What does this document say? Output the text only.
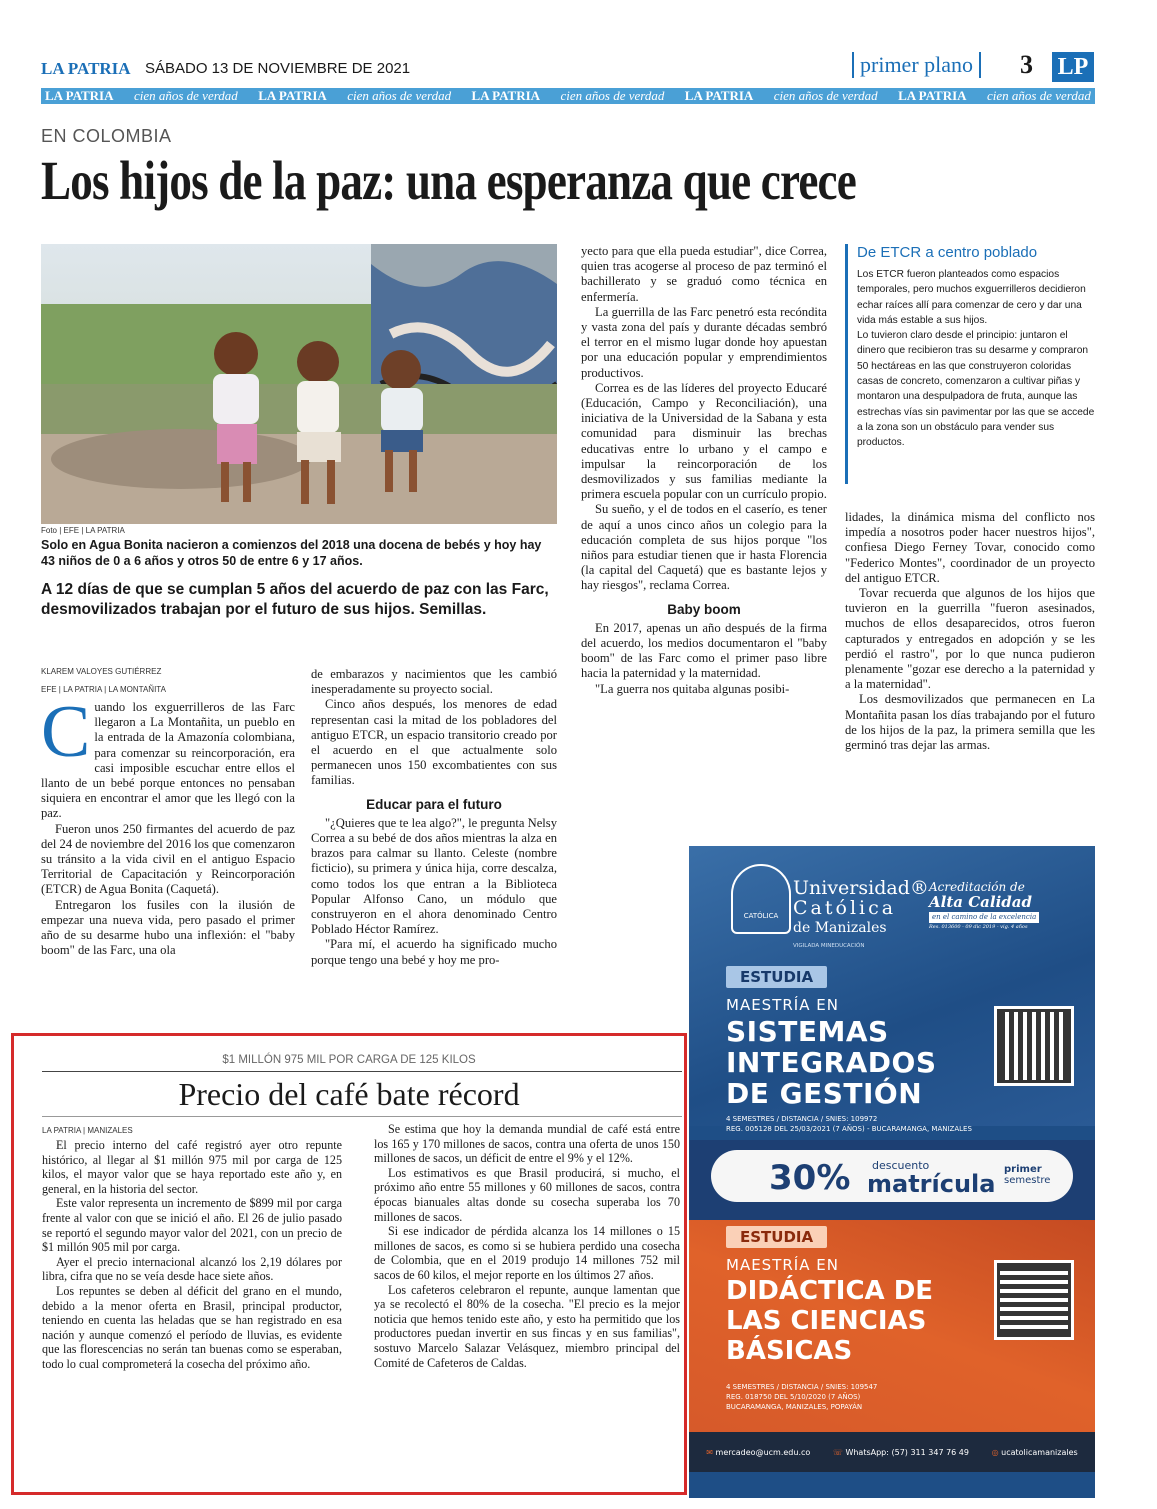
LA PATRIA SÁBADO 13 DE NOVIEMBRE DE 2021	primer plano	3 LP
LA PATRIA cien años de verdad LA PATRIA cien años de verdad LA PATRIA cien años de verdad LA PATRIA cien años de verdad LA PATRIA cien años de verdad
EN COLOMBIA
Los hijos de la paz: una esperanza que crece
Foto | EFE | LA PATRIA
Solo en Agua Bonita nacieron a comienzos del 2018 una docena de bebés y hoy hay 43 niños de 0 a 6 años y otros 50 de entre 6 y 17 años.
A 12 días de que se cumplan 5 años del acuerdo de paz con las Farc, desmovilizados trabajan por el futuro de sus hijos. Semillas.
KLAREM VALOYES GUTIÉRREZ
EFE | LA PATRIA | LA MONTAÑITA
C uando los exguerrilleros de las Farc llegaron a La Montañita, un pueblo en la entrada de la Amazonía colombiana, para comenzar su reincorporación, era casi imposible escuchar entre ellos el llanto de un bebé porque entonces no pensaban siquiera en encontrar el amor que les llegó con la paz.

Fueron unos 250 firmantes del acuerdo de paz del 24 de noviembre del 2016 los que comenzaron su tránsito a la vida civil en el antiguo Espacio Territorial de Capacitación y Reincorporación (ETCR) de Agua Bonita (Caquetá).

Entregaron los fusiles con la ilusión de empezar una nueva vida, pero pasado el primer año de su desarme hubo una inflexión: el "baby boom" de las Farc, una ola

de embarazos y nacimientos que les cambió inesperadamente su proyecto social.

Cinco años después, los menores de edad representan casi la mitad de los pobladores del antiguo ETCR, un espacio transitorio creado por el acuerdo en el que actualmente solo permanecen unos 150 excombatientes con sus familias.

Educar para el futuro

"¿Quieres que te lea algo?", le pregunta Nelsy Correa a su bebé de dos años mientras la alza en brazos para calmar su llanto. Celeste (nombre ficticio), su primera y única hija, corre descalza, como todos los que entran a la Biblioteca Popular Alfonso Cano, un módulo que construyeron en el ahora denominado Centro Poblado Héctor Ramírez.

"Para mí, el acuerdo ha significado mucho porque tengo una bebé y hoy me pro-

yecto para que ella pueda estudiar", dice Correa, quien tras acogerse al proceso de paz terminó el bachillerato y se graduó como técnica en enfermería.

La guerrilla de las Farc penetró esta recóndita y vasta zona del país y durante décadas sembró el terror en el mismo lugar donde hoy apuestan por una educación popular y emprendimientos productivos.

Correa es de las líderes del proyecto Educaré (Educación, Campo y Reconciliación), una iniciativa de la Universidad de la Sabana y esta comunidad para disminuir las brechas educativas entre lo urbano y el campo e impulsar la reincorporación de los desmovilizados y sus familias mediante la primera escuela popular con un currículo propio.

Su sueño, y el de todos en el caserío, es tener de aquí a unos cinco años un colegio para la educación completa de sus hijos porque "los niños para estudiar tienen que ir hasta Florencia (la capital del Caquetá) que es bastante lejos y hay riesgos", reclama Correa.

Baby boom

En 2017, apenas un año después de la firma del acuerdo, los medios documentaron el "baby boom" de las Farc como el primer paso libre hacia la paternidad y la maternidad.

"La guerra nos quitaba algunas posibi-

De ETCR a centro poblado

Los ETCR fueron planteados como espacios temporales, pero muchos exguerrilleros decidieron echar raíces allí para comenzar de cero y dar una vida más estable a sus hijos.

Lo tuvieron claro desde el principio: juntaron el dinero que recibieron tras su desarme y compraron 50 hectáreas en las que construyeron coloridas casas de concreto, comenzaron a cultivar piñas y montaron una despulpadora de fruta, aunque las estrechas vías sin pavimentar por las que se accede a la zona son un obstáculo para vender sus productos.

lidades, la dinámica misma del conflicto nos impedía a nosotros poder hacer nuestros hijos", confiesa Diego Ferney Tovar, conocido como "Federico Montes", coordinador de un proyecto del antiguo ETCR.

Tovar recuerda que algunos de los hijos que tuvieron en la guerrilla "fueron asesinados, muchos de ellos desaparecidos, otros fueron capturados y entregados en adopción y se les perdió el rastro", por lo que nunca pudieron plenamente "gozar ese derecho a la paternidad y a la maternidad".

Los desmovilizados que permanecen en La Montañita pasan los días trabajando por el futuro de los hijos de la paz, la primera semilla que les germinó tras dejar las armas.

$1 MILLÓN 975 MIL POR CARGA DE 125 KILOS
Precio del café bate récord
LA PATRIA | MANIZALES

El precio interno del café registró ayer otro repunte histórico, al llegar al $1 millón 975 mil por carga de 125 kilos, el mayor valor que se haya reportado este año y, en general, en la historia del sector.

Este valor representa un incremento de $899 mil por carga frente al valor con que se inició el año. El 26 de julio pasado se reportó el segundo mayor valor del 2021, con un precio de $1 millón 905 mil por carga.

Ayer el precio internacional alcanzó los 2,19 dólares por libra, cifra que no se veía desde hace siete años.

Los repuntes se deben al déficit del grano en el mundo, debido a la menor oferta en Brasil, principal productor, teniendo en cuenta las heladas que se han registrado en esa nación y aunque comenzó el período de lluvias, es evidente que las florescencias no serán tan buenas como se esperaban, todo lo cual comprometerá la cosecha del próximo año.

Se estima que hoy la demanda mundial de café está entre los 165 y 170 millones de sacos, contra una oferta de unos 150 millones de sacos, un déficit de entre el 9% y el 12%.

Los estimativos es que Brasil producirá, si mucho, el próximo año entre 55 millones y 60 millones de sacos, contra épocas bianuales altas donde su cosecha superaba los 70 millones de sacos.

Si ese indicador de pérdida alcanza los 14 millones o 15 millones de sacos, es como si se hubiera perdido una cosecha de Colombia, que en el 2019 produjo 14 millones 752 mil sacos de 60 kilos, el mejor reporte en los últimos 27 años.

Los cafeteros celebraron el repunte, aunque lamentan que ya se recolectó el 80% de la cosecha. "El precio es la mejor noticia que hemos tenido este año, y esto ha permitido que los productores puedan invertir en sus fincas y en sus familias", sostuvo Marcelo Salazar Velásquez, miembro principal del Comité de Cafeteros de Caldas.

CATÓLICA
Universidad®
Católica
de Manizales
VIGILADA MINEDUCACIÓN
Acreditación de
Alta Calidad
en el camino de la excelencia
Res. 013600 - 09 dic 2019 - vig. 4 años
ESTUDIA
MAESTRÍA EN
SISTEMAS
INTEGRADOS
DE GESTIÓN
4 SEMESTRES / DISTANCIA / SNIES: 109972
REG. 005128 DEL 25/03/2021 (7 AÑOS) - BUCARAMANGA, MANIZALES
30% descuento
matrícula
primer
semestre
ESTUDIA
MAESTRÍA EN
DIDÁCTICA DE
LAS CIENCIAS
BÁSICAS
4 SEMESTRES / DISTANCIA / SNIES: 109547
REG. 018750 DEL 5/10/2020 (7 AÑOS)
BUCARAMANGA, MANIZALES, POPAYÁN
✉ mercadeo@ucm.edu.co	☏ WhatsApp: (57) 311 347 76 49	◎ ucatolicamanizales
